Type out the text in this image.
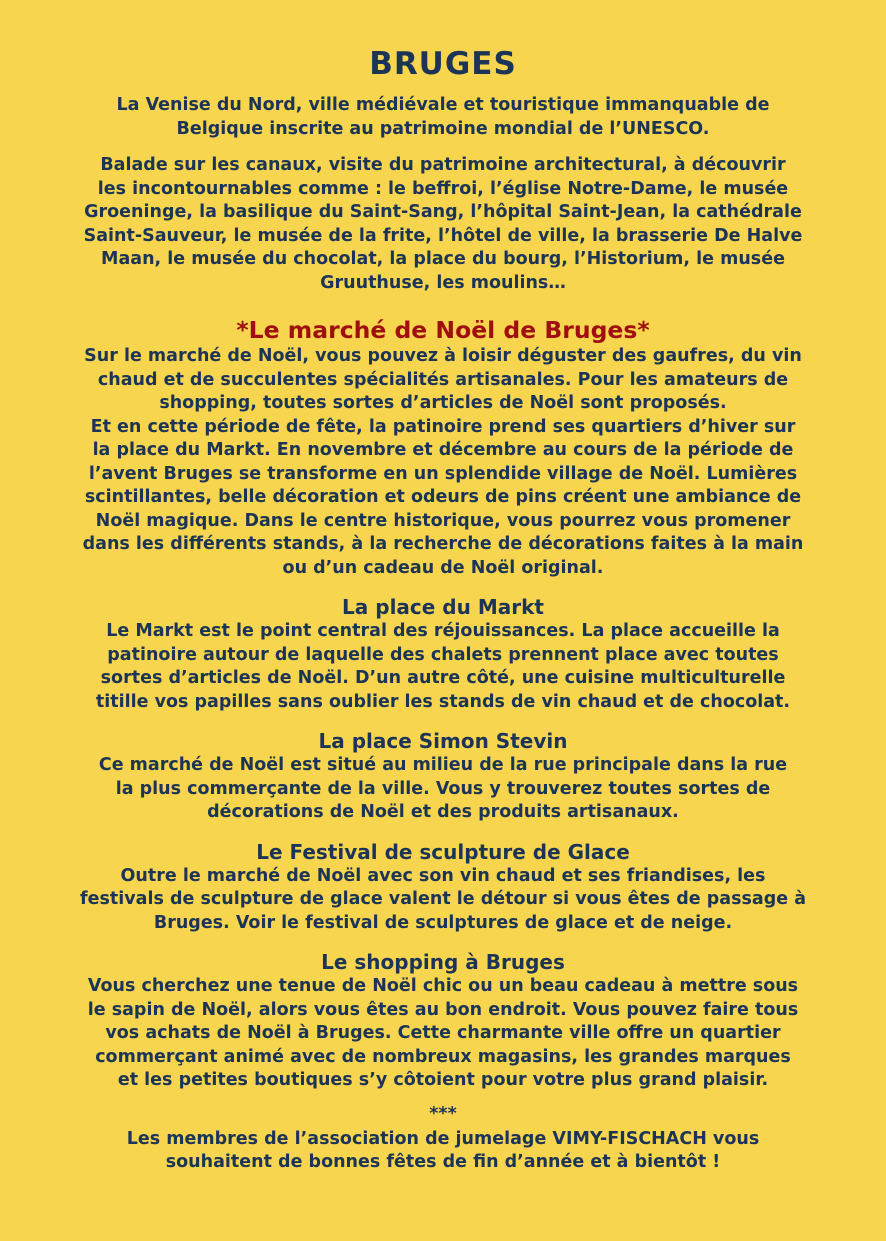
BRUGES
La Venise du Nord, ville médiévale et touristique immanquable de
Belgique inscrite au patrimoine mondial de l’UNESCO.
Balade sur les canaux, visite du patrimoine architectural, à découvrir
les incontournables comme : le beffroi, l’église Notre-Dame, le musée
Groeninge, la basilique du Saint-Sang, l’hôpital Saint-Jean, la cathédrale
Saint-Sauveur, le musée de la frite, l’hôtel de ville, la brasserie De Halve
Maan, le musée du chocolat, la place du bourg, l’Historium, le musée
Gruuthuse, les moulins…
*Le marché de Noël de Bruges*
Sur le marché de Noël, vous pouvez à loisir déguster des gaufres, du vin
chaud et de succulentes spécialités artisanales. Pour les amateurs de
shopping, toutes sortes d’articles de Noël sont proposés.
Et en cette période de fête, la patinoire prend ses quartiers d’hiver sur
la place du Markt. En novembre et décembre au cours de la période de
l’avent Bruges se transforme en un splendide village de Noël. Lumières
scintillantes, belle décoration et odeurs de pins créent une ambiance de
Noël magique. Dans le centre historique, vous pourrez vous promener
dans les différents stands, à la recherche de décorations faites à la main
ou d’un cadeau de Noël original.
La place du Markt
Le Markt est le point central des réjouissances. La place accueille la
patinoire autour de laquelle des chalets prennent place avec toutes
sortes d’articles de Noël. D’un autre côté, une cuisine multiculturelle
titille vos papilles sans oublier les stands de vin chaud et de chocolat.
La place Simon Stevin
Ce marché de Noël est situé au milieu de la rue principale dans la rue
la plus commerçante de la ville. Vous y trouverez toutes sortes de
décorations de Noël et des produits artisanaux.
Le Festival de sculpture de Glace
Outre le marché de Noël avec son vin chaud et ses friandises, les
festivals de sculpture de glace valent le détour si vous êtes de passage à
Bruges. Voir le festival de sculptures de glace et de neige.
Le shopping à Bruges
Vous cherchez une tenue de Noël chic ou un beau cadeau à mettre sous
le sapin de Noël, alors vous êtes au bon endroit. Vous pouvez faire tous
vos achats de Noël à Bruges. Cette charmante ville offre un quartier
commerçant animé avec de nombreux magasins, les grandes marques
et les petites boutiques s’y côtoient pour votre plus grand plaisir.
***
Les membres de l’association de jumelage VIMY-FISCHACH vous
souhaitent de bonnes fêtes de fin d’année et à bientôt !
